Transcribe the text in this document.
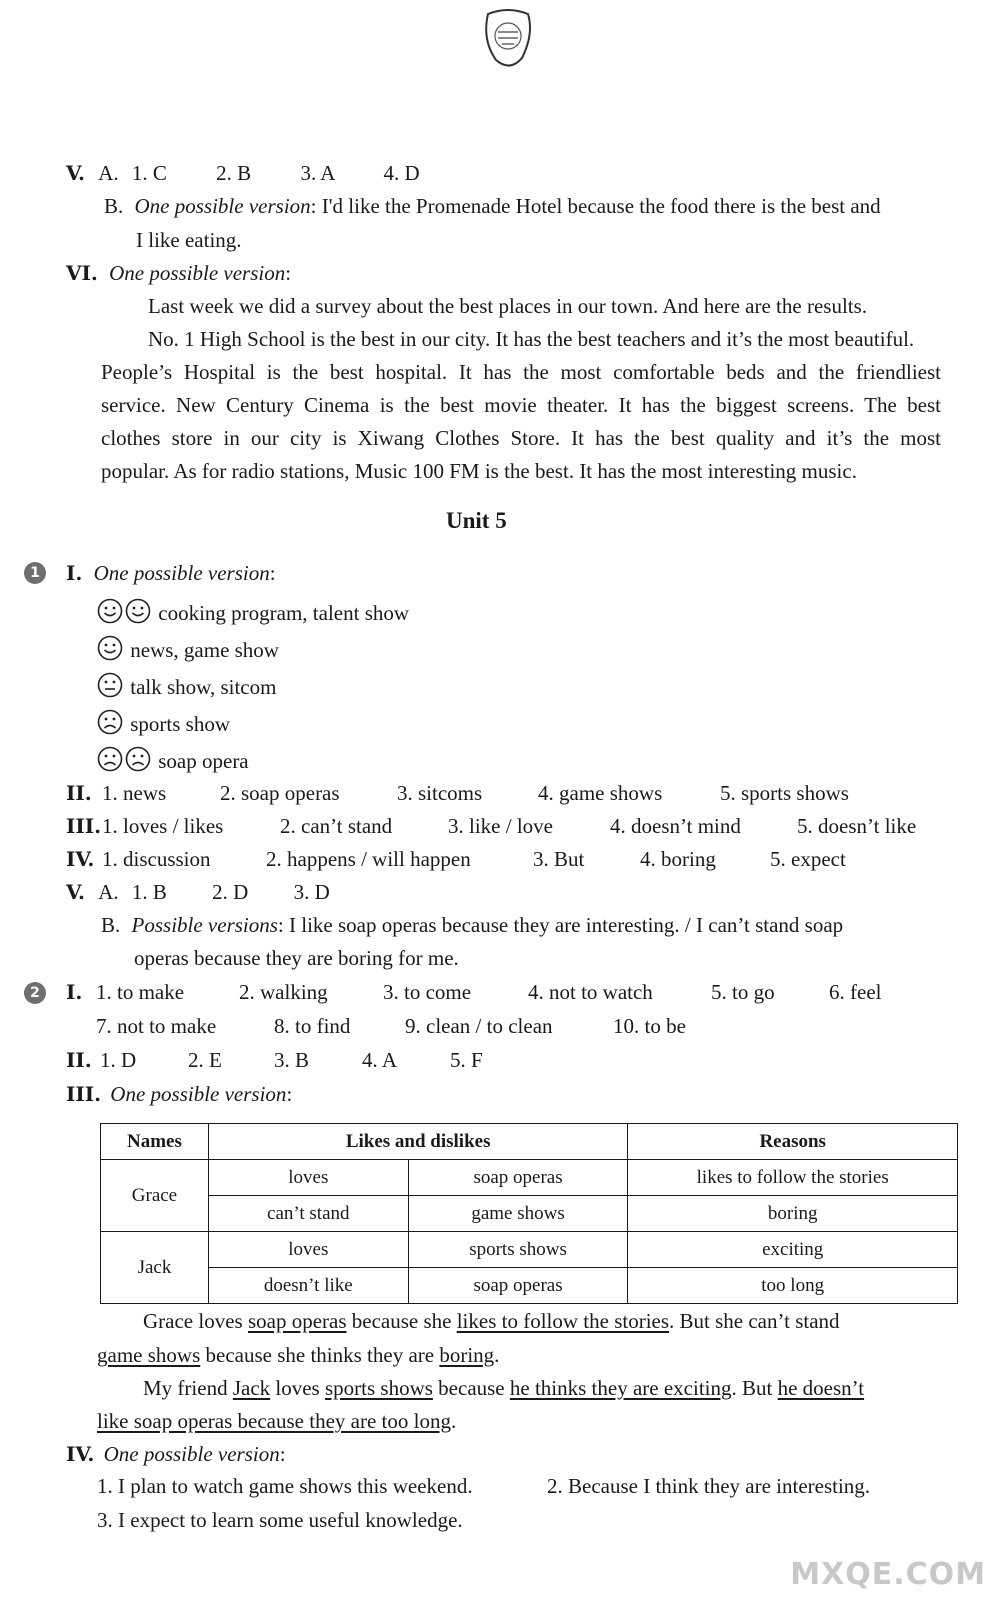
V. A. 1. C 2. B 3. A 4. D
B. One possible version: I'd like the Promenade Hotel because the food there is the best and
I like eating.
VI. One possible version:
Last week we did a survey about the best places in our town. And here are the results.
No. 1 High School is the best in our city. It has the best teachers and it’s the most beautiful.
People’s Hospital is the best hospital. It has the most comfortable beds and the friendliest
service. New Century Cinema is the best movie theater. It has the biggest screens. The best
clothes store in our city is Xiwang Clothes Store. It has the best quality and it’s the most
popular. As for radio stations, Music 100 FM is the best. It has the most interesting music.
Unit 5
1	I. One possible version:
cooking program, talent show
news, game show
talk show, sitcom
sports show
soap opera
II. 1. news	2. soap operas	3. sitcoms	4. game shows	5. sports shows
III. 1. loves / likes	2. can’t stand	3. like / love	4. doesn’t mind	5. doesn’t like
IV. 1. discussion	2. happens / will happen	3. But	4. boring	5. expect
V. A. 1. B 2. D 3. D
B. Possible versions: I like soap operas because they are interesting. / I can’t stand soap
operas because they are boring for me.
2	I. 1. to make	2. walking	3. to come	4. not to watch	5. to go	6. feel
7. not to make	8. to find	9. clean / to clean	10. to be
II. 1. D 2. E 3. B	4. A	5. F
III. One possible version:
Names	Likes and dislikes		Reasons
Grace	loves	soap operas	likes to follow the stories
	can’t stand	game shows	boring
Jack	loves	sports shows	exciting
	doesn’t like	soap operas	too long
Grace loves soap operas because she likes to follow the stories. But she can’t stand
game shows because she thinks they are boring.
My friend Jack loves sports shows because he thinks they are exciting. But he doesn’t
like soap operas because they are too long.
IV. One possible version:
1. I plan to watch game shows this weekend.	2. Because I think they are interesting.
3. I expect to learn some useful knowledge.
MXQE.COM
